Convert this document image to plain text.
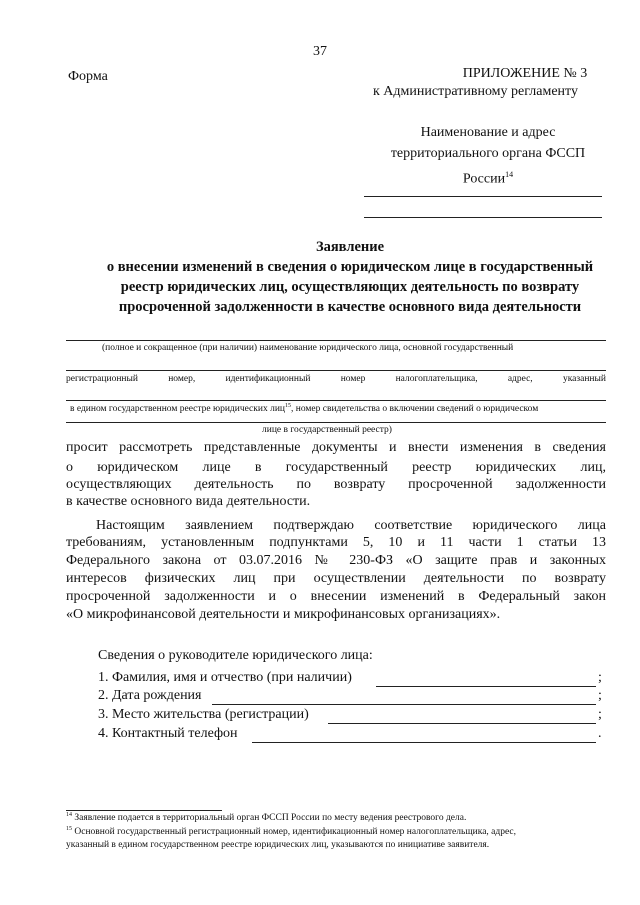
37
Форма	ПРИЛОЖЕНИЕ № 3
к Административному регламенту
Наименование и адрес
территориального органа ФССП
России$^{14}$
Заявление
о внесении изменений в сведения о юридическом лице в государственный
реестр юридических лиц, осуществляющих деятельность по возврату
просроченной задолженности в качестве основного вида деятельности
(полное и сокращенное (при наличии) наименование юридического лица, основной государственный
регистрационный номер, идентификационный номер налогоплательщика, адрес, указанный
в едином государственном реестре юридических лиц$^{15}$, номер свидетельства о включении сведений о юридическом
лице в государственный реестр)
просит рассмотреть представленные документы и внести изменения в сведения
о юридическом лице в государственный реестр юридических лиц,
осуществляющих деятельность по возврату просроченной задолженности
в качестве основного вида деятельности.
Настоящим заявлением подтверждаю соответствие юридического лица
требованиям, установленным подпунктами 5, 10 и 11 части 1 статьи 13
Федерального закона от 03.07.2016 № 230-ФЗ «О защите прав и законных
интересов физических лиц при осуществлении деятельности по возврату
просроченной задолженности и о внесении изменений в Федеральный закон
«О микрофинансовой деятельности и микрофинансовых организациях».
Сведения о руководителе юридического лица:
1. Фамилия, имя и отчество (при наличии)	;
2. Дата рождения	;
3. Место жительства (регистрации)	;
4. Контактный телефон	.
$^{14}$ Заявление подается в территориальный орган ФССП России по месту ведения реестрового дела.
$^{15}$ Основной государственный регистрационный номер, идентификационный номер налогоплательщика, адрес,
указанный в едином государственном реестре юридических лиц, указываются по инициативе заявителя.
